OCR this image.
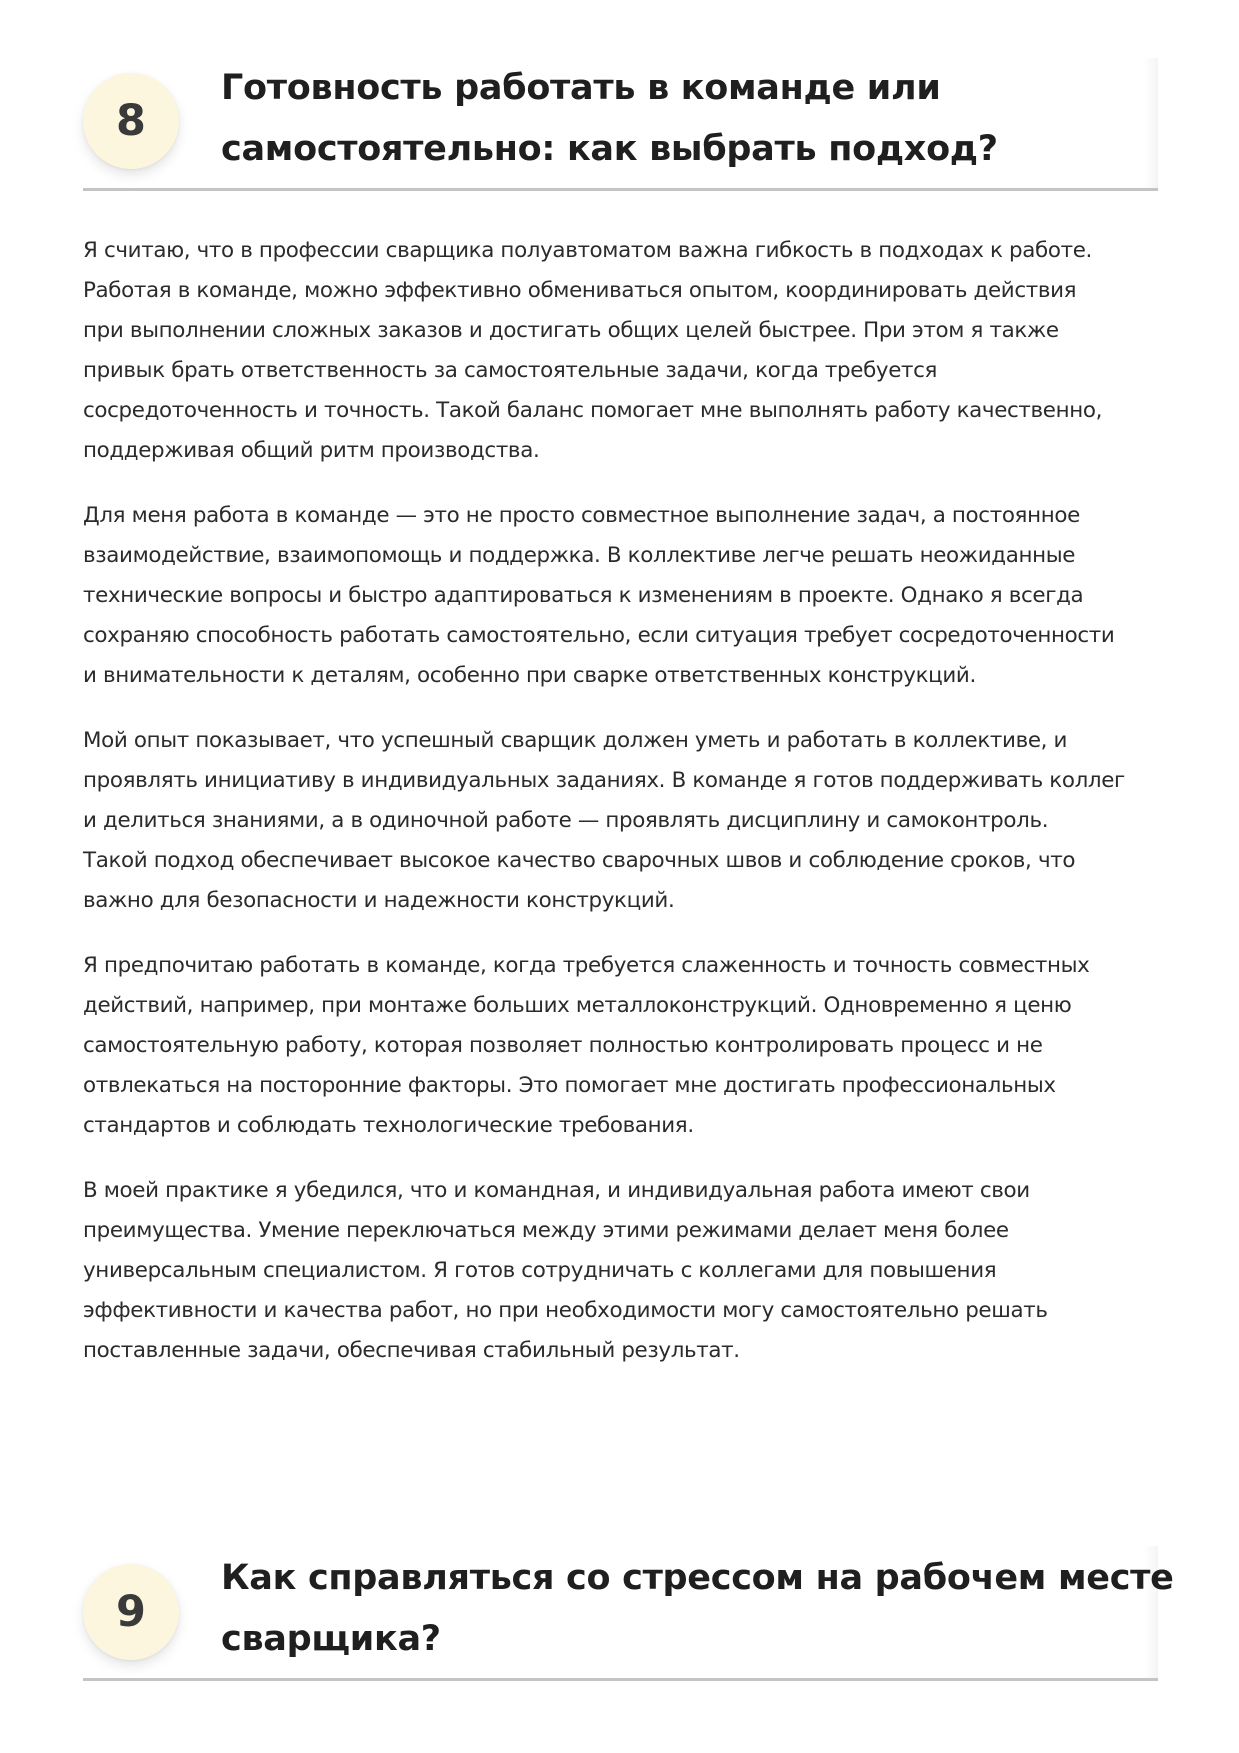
8
Готовность работать в команде или
самостоятельно: как выбрать подход?

Я считаю, что в профессии сварщика полуавтоматом важна гибкость в подходах к работе.
Работая в команде, можно эффективно обмениваться опытом, координировать действия
при выполнении сложных заказов и достигать общих целей быстрее. При этом я также
привык брать ответственность за самостоятельные задачи, когда требуется
сосредоточенность и точность. Такой баланс помогает мне выполнять работу качественно,
поддерживая общий ритм производства.

Для меня работа в команде — это не просто совместное выполнение задач, а постоянное
взаимодействие, взаимопомощь и поддержка. В коллективе легче решать неожиданные
технические вопросы и быстро адаптироваться к изменениям в проекте. Однако я всегда
сохраняю способность работать самостоятельно, если ситуация требует сосредоточенности
и внимательности к деталям, особенно при сварке ответственных конструкций.

Мой опыт показывает, что успешный сварщик должен уметь и работать в коллективе, и
проявлять инициативу в индивидуальных заданиях. В команде я готов поддерживать коллег
и делиться знаниями, а в одиночной работе — проявлять дисциплину и самоконтроль.
Такой подход обеспечивает высокое качество сварочных швов и соблюдение сроков, что
важно для безопасности и надежности конструкций.

Я предпочитаю работать в команде, когда требуется слаженность и точность совместных
действий, например, при монтаже больших металлоконструкций. Одновременно я ценю
самостоятельную работу, которая позволяет полностью контролировать процесс и не
отвлекаться на посторонние факторы. Это помогает мне достигать профессиональных
стандартов и соблюдать технологические требования.

В моей практике я убедился, что и командная, и индивидуальная работа имеют свои
преимущества. Умение переключаться между этими режимами делает меня более
универсальным специалистом. Я готов сотрудничать с коллегами для повышения
эффективности и качества работ, но при необходимости могу самостоятельно решать
поставленные задачи, обеспечивая стабильный результат.

9
Как справляться со стрессом на рабочем месте
сварщика?
